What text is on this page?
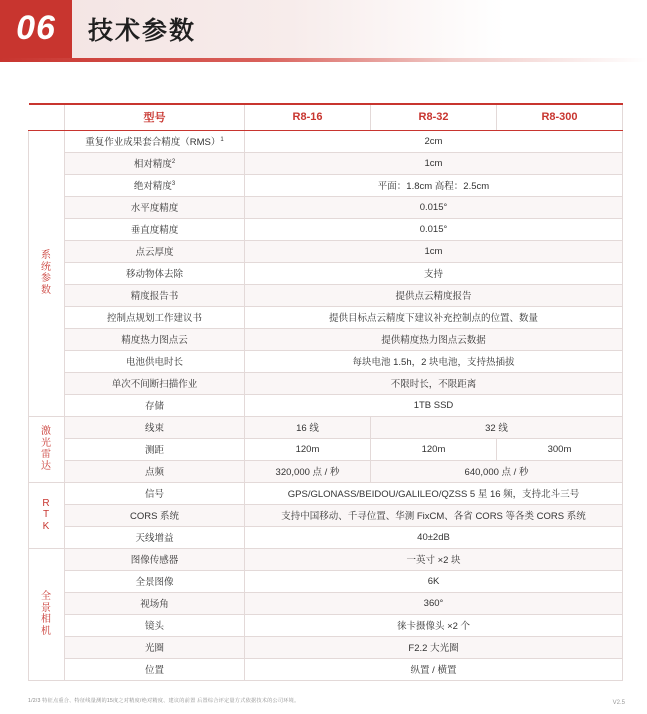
06 技术参数
	型号	R8-16	R8-32	R8-300

系
统
参
数	重复作业成果套合精度（RMS）$^1$	2cm		
	相对精度$^2$	1cm		
	绝对精度$^3$	平面：1.8cm 高程：2.5cm		
	水平度精度	0.015°		
	垂直度精度	0.015°		
	点云厚度	1cm		
	移动物体去除	支持		
	精度报告书	提供点云精度报告		
	控制点规划工作建议书	提供目标点云精度下建议补充控制点的位置、数量		
	精度热力图点云	提供精度热力图点云数据		
	电池供电时长	每块电池 1.5h，2 块电池，支持热插拔		
	单次不间断扫描作业	不限时长，不限距离		
	存储	1TB SSD		

激
光
雷
达	线束	16 线	32 线	
	测距	120m	120m	300m
	点频	320,000 点 / 秒	640,000 点 / 秒	

R
T
K	信号	GPS/GLONASS/BEIDOU/GALILEO/QZSS 5 星 16 频，支持北斗三号		
	CORS 系统	支持中国移动、千寻位置、华测 FixCM、各省 CORS 等各类 CORS 系统		
	天线增益	40±2dB		

全
景
相
机	图像传感器	一英寸 ×2 块		
	全景图像	6K		
	视场角	360°		
	镜头	徕卡摄像头 ×2 个		
	光圈	F2.2 大光圈		
	位置	纵置 / 横置		
1/2/3 特征点重合、特征线量测的15度之对精度/绝对精度、建议的前置 后置综合评定量方式依据技术的公司环境。	V2.5
